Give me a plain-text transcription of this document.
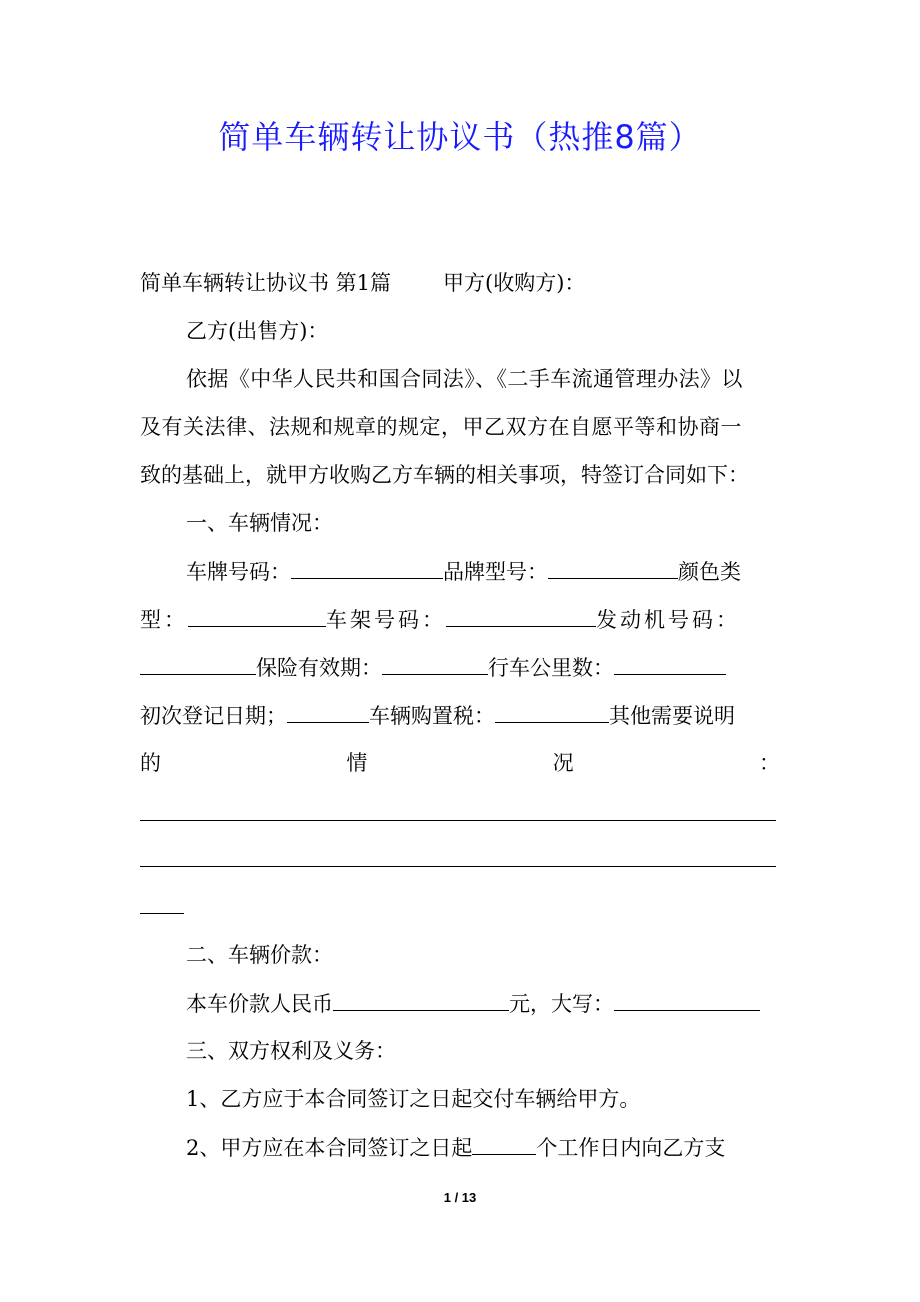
简单车辆转让协议书（热推8篇）
简单车辆转让协议书 第1篇 甲方(收购方)：
乙方(出售方)：
依据《中华人民共和国合同法》、《二手车流通管理办法》以
及有关法律、法规和规章的规定，甲乙双方在自愿平等和协商一
致的基础上，就甲方收购乙方车辆的相关事项，特签订合同如下：
一、车辆情况：
车牌号码：	品牌型号：	颜色类
型：	车架号码：	发动机号码：
保险有效期：	行车公里数：
初次登记日期；	车辆购置税：	其他需要说明
的	情	况	：
二、车辆价款：
本车价款人民币	元，大写：
三、双方权利及义务：
1、乙方应于本合同签订之日起交付车辆给甲方。
2、甲方应在本合同签订之日起	个工作日内向乙方支
1 / 13
